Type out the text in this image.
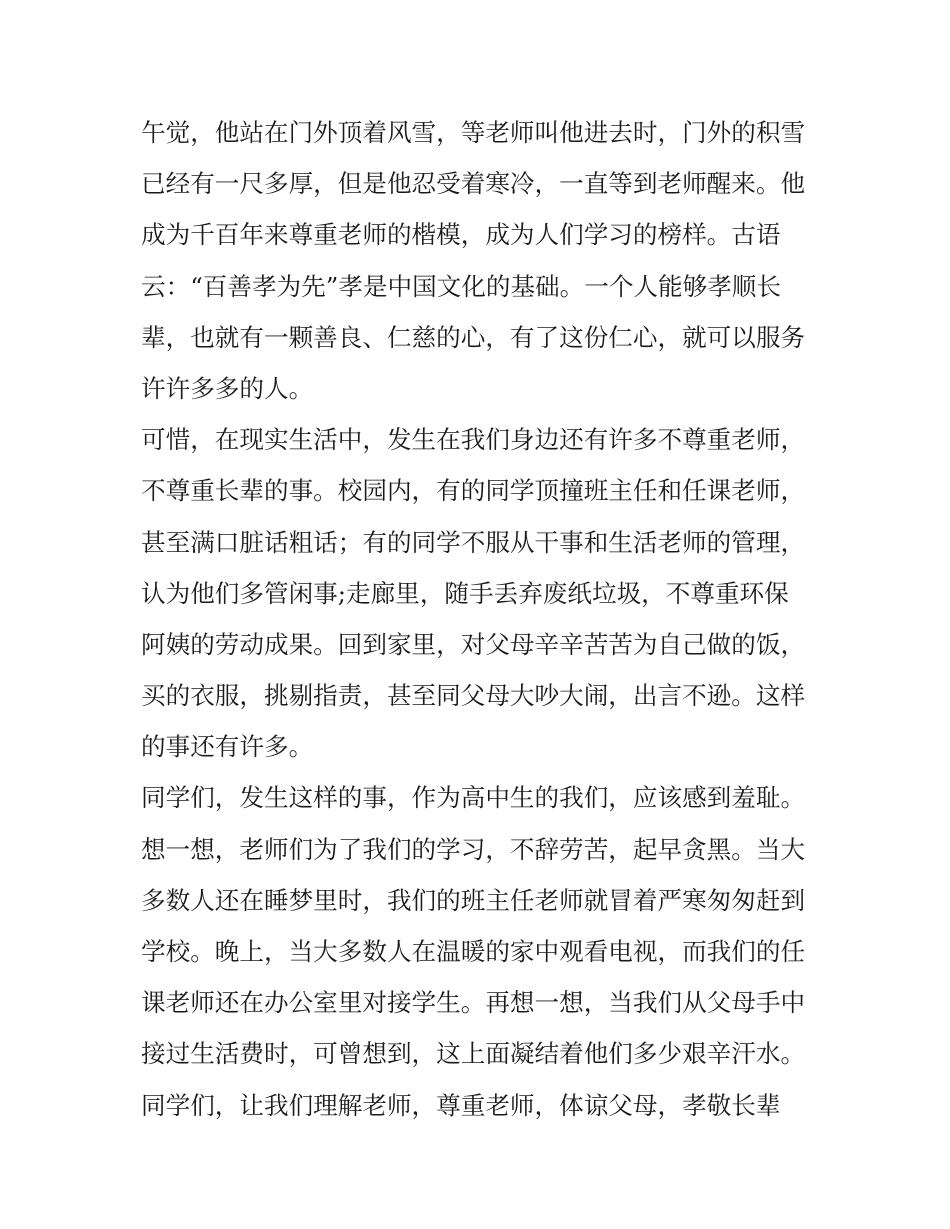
午觉，他站在门外顶着风雪，等老师叫他进去时，门外的积雪
已经有一尺多厚，但是他忍受着寒冷，一直等到老师醒来。他
成为千百年来尊重老师的楷模，成为人们学习的榜样。古语
云：“百善孝为先”孝是中国文化的基础。一个人能够孝顺长
辈，也就有一颗善良、仁慈的心，有了这份仁心，就可以服务
许许多多的人。
可惜，在现实生活中，发生在我们身边还有许多不尊重老师，
不尊重长辈的事。校园内，有的同学顶撞班主任和任课老师，
甚至满口脏话粗话；有的同学不服从干事和生活老师的管理，
认为他们多管闲事;走廊里，随手丢弃废纸垃圾，不尊重环保
阿姨的劳动成果。回到家里，对父母辛辛苦苦为自己做的饭，
买的衣服，挑剔指责，甚至同父母大吵大闹，出言不逊。这样
的事还有许多。
同学们，发生这样的事，作为高中生的我们，应该感到羞耻。
想一想，老师们为了我们的学习，不辞劳苦，起早贪黑。当大
多数人还在睡梦里时，我们的班主任老师就冒着严寒匆匆赶到
学校。晚上，当大多数人在温暖的家中观看电视，而我们的任
课老师还在办公室里对接学生。再想一想，当我们从父母手中
接过生活费时，可曾想到，这上面凝结着他们多少艰辛汗水。
同学们，让我们理解老师，尊重老师，体谅父母，孝敬长辈
